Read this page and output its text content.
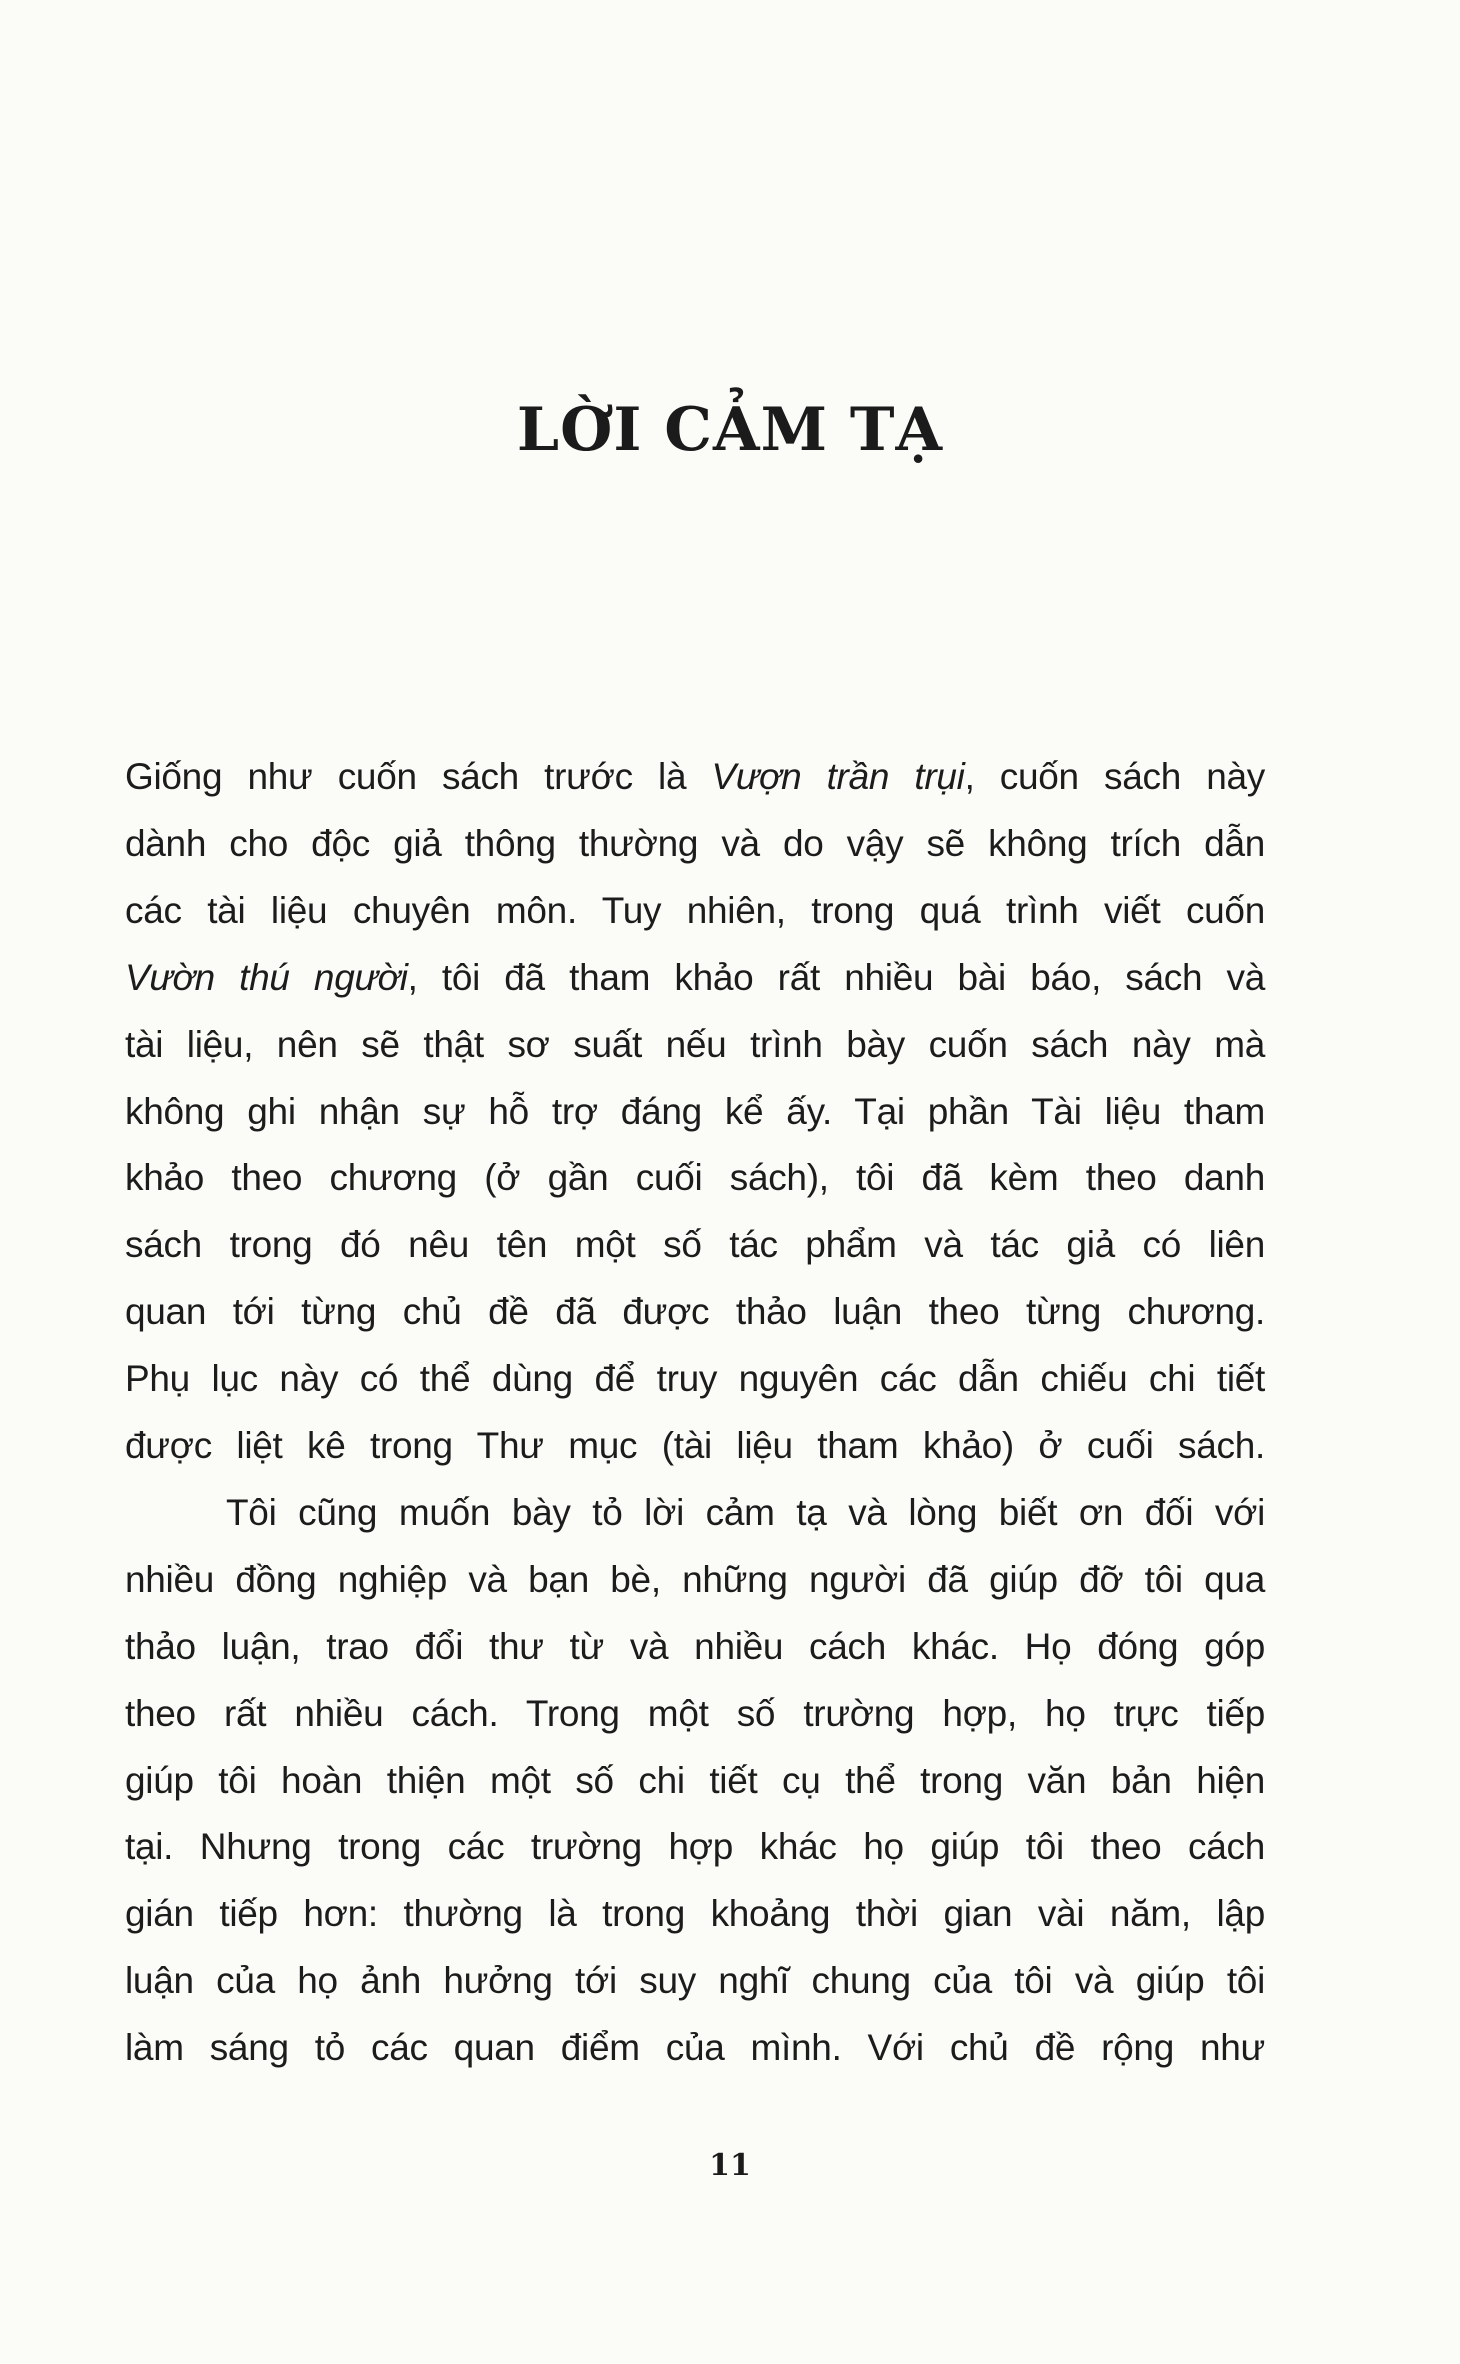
LỜI CẢM TẠ
Giống như cuốn sách trước là Vượn trần trụi, cuốn sách này
dành cho độc giả thông thường và do vậy sẽ không trích dẫn
các tài liệu chuyên môn. Tuy nhiên, trong quá trình viết cuốn
Vườn thú người, tôi đã tham khảo rất nhiều bài báo, sách và
tài liệu, nên sẽ thật sơ suất nếu trình bày cuốn sách này mà
không ghi nhận sự hỗ trợ đáng kể ấy. Tại phần Tài liệu tham
khảo theo chương (ở gần cuối sách), tôi đã kèm theo danh
sách trong đó nêu tên một số tác phẩm và tác giả có liên
quan tới từng chủ đề đã được thảo luận theo từng chương.
Phụ lục này có thể dùng để truy nguyên các dẫn chiếu chi tiết
được liệt kê trong Thư mục (tài liệu tham khảo) ở cuối sách.
Tôi cũng muốn bày tỏ lời cảm tạ và lòng biết ơn đối với
nhiều đồng nghiệp và bạn bè, những người đã giúp đỡ tôi qua
thảo luận, trao đổi thư từ và nhiều cách khác. Họ đóng góp
theo rất nhiều cách. Trong một số trường hợp, họ trực tiếp
giúp tôi hoàn thiện một số chi tiết cụ thể trong văn bản hiện
tại. Nhưng trong các trường hợp khác họ giúp tôi theo cách
gián tiếp hơn: thường là trong khoảng thời gian vài năm, lập
luận của họ ảnh hưởng tới suy nghĩ chung của tôi và giúp tôi
làm sáng tỏ các quan điểm của mình. Với chủ đề rộng như
11
